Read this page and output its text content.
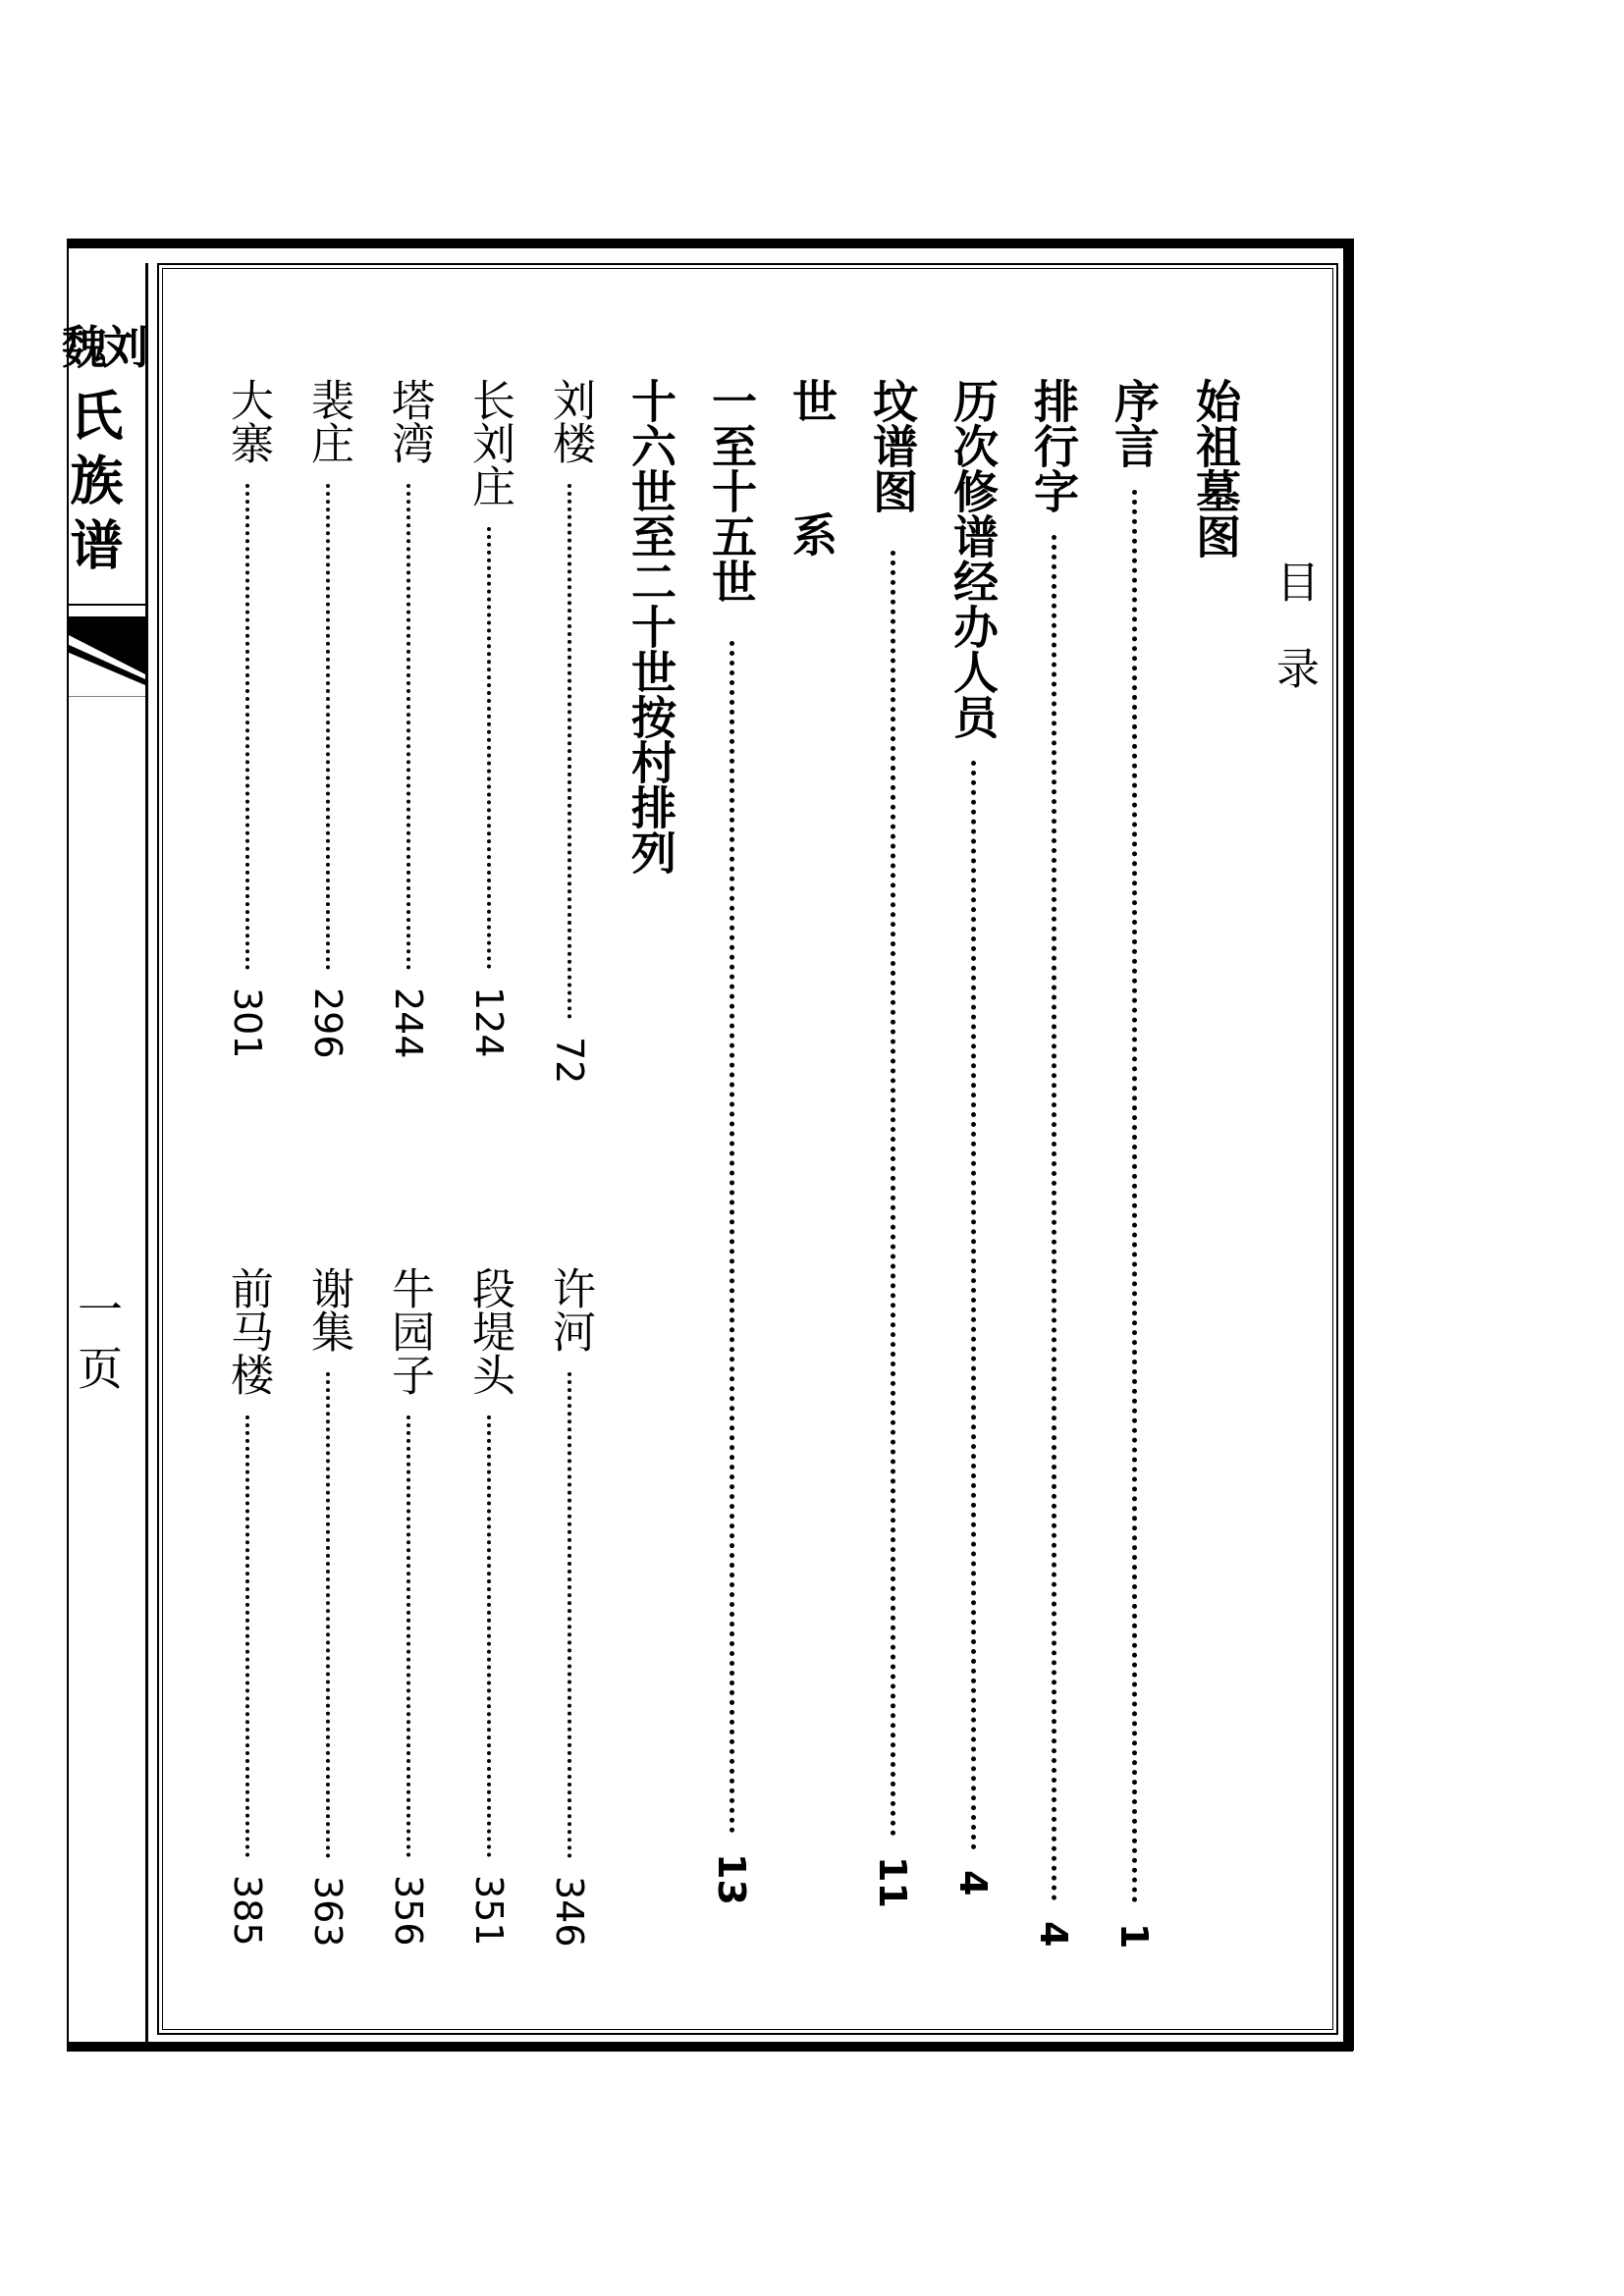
魏刘
氏族谱
一页
目　录
始祖墓图
序言  1
排行字  4
历次修谱经办人员  4
坟谱图  11
世　系
一至十五世  13
十六世至二十世按村排列
刘楼  72
长刘庄  124
塔湾  244
裴庄  296
大寨  301
许河  346
段堤头  351
牛园子  356
谢集  363
前马楼  385
